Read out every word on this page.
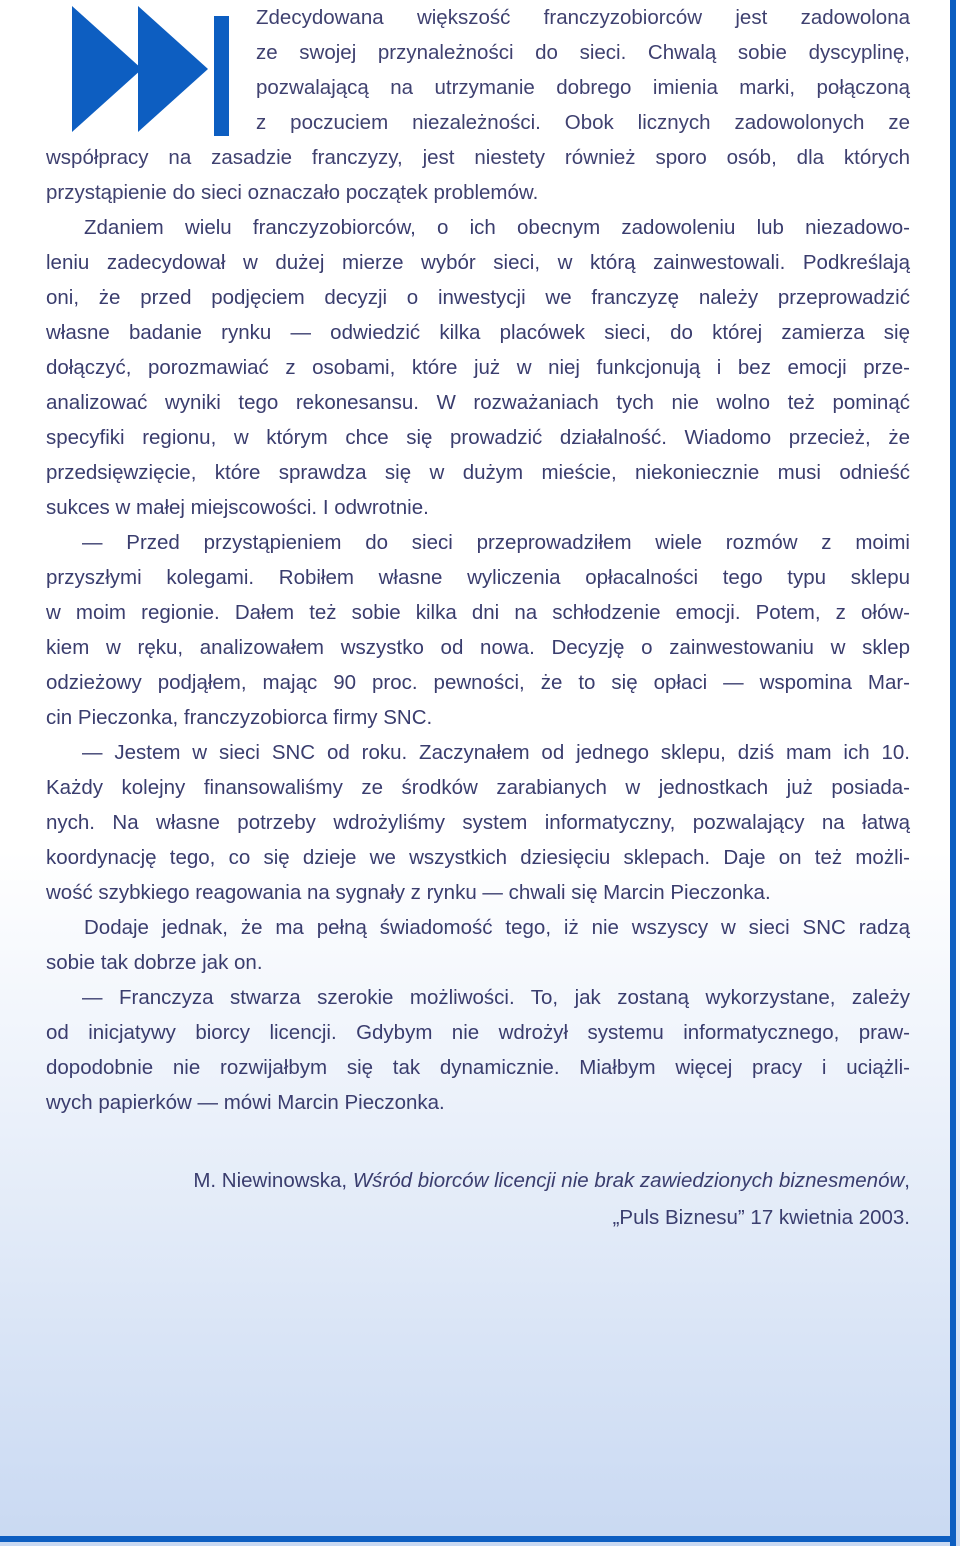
Zdecydowana większość franczyzobiorców jest zadowolona
ze swojej przynależności do sieci. Chwalą sobie dyscyplinę,
pozwalającą na utrzymanie dobrego imienia marki, połączoną
z poczuciem niezależności. Obok licznych zadowolonych ze
współpracy na zasadzie franczyzy, jest niestety również sporo osób, dla których
przystąpienie do sieci oznaczało początek problemów.
Zdaniem wielu franczyzobiorców, o ich obecnym zadowoleniu lub niezadowo-
leniu zadecydował w dużej mierze wybór sieci, w którą zainwestowali. Podkreślają
oni, że przed podjęciem decyzji o inwestycji we franczyzę należy przeprowadzić
własne badanie rynku — odwiedzić kilka placówek sieci, do której zamierza się
dołączyć, porozmawiać z osobami, które już w niej funkcjonują i bez emocji prze-
analizować wyniki tego rekonesansu. W rozważaniach tych nie wolno też pominąć
specyfiki regionu, w którym chce się prowadzić działalność. Wiadomo przecież, że
przedsięwzięcie, które sprawdza się w dużym mieście, niekoniecznie musi odnieść
sukces w małej miejscowości. I odwrotnie.
— Przed przystąpieniem do sieci przeprowadziłem wiele rozmów z moimi
przyszłymi kolegami. Robiłem własne wyliczenia opłacalności tego typu sklepu
w moim regionie. Dałem też sobie kilka dni na schłodzenie emocji. Potem, z ołów-
kiem w ręku, analizowałem wszystko od nowa. Decyzję o zainwestowaniu w sklep
odzieżowy podjąłem, mając 90 proc. pewności, że to się opłaci — wspomina Mar-
cin Pieczonka, franczyzobiorca firmy SNC.
— Jestem w sieci SNC od roku. Zaczynałem od jednego sklepu, dziś mam ich 10.
Każdy kolejny finansowaliśmy ze środków zarabianych w jednostkach już posiada-
nych. Na własne potrzeby wdrożyliśmy system informatyczny, pozwalający na łatwą
koordynację tego, co się dzieje we wszystkich dziesięciu sklepach. Daje on też możli-
wość szybkiego reagowania na sygnały z rynku — chwali się Marcin Pieczonka.
Dodaje jednak, że ma pełną świadomość tego, iż nie wszyscy w sieci SNC radzą
sobie tak dobrze jak on.
— Franczyza stwarza szerokie możliwości. To, jak zostaną wykorzystane, zależy
od inicjatywy biorcy licencji. Gdybym nie wdrożył systemu informatycznego, praw-
dopodobnie nie rozwijałbym się tak dynamicznie. Miałbym więcej pracy i uciążli-
wych papierków — mówi Marcin Pieczonka.
M. Niewinowska, Wśród biorców licencji nie brak zawiedzionych biznesmenów,
„Puls Biznesu” 17 kwietnia 2003.
